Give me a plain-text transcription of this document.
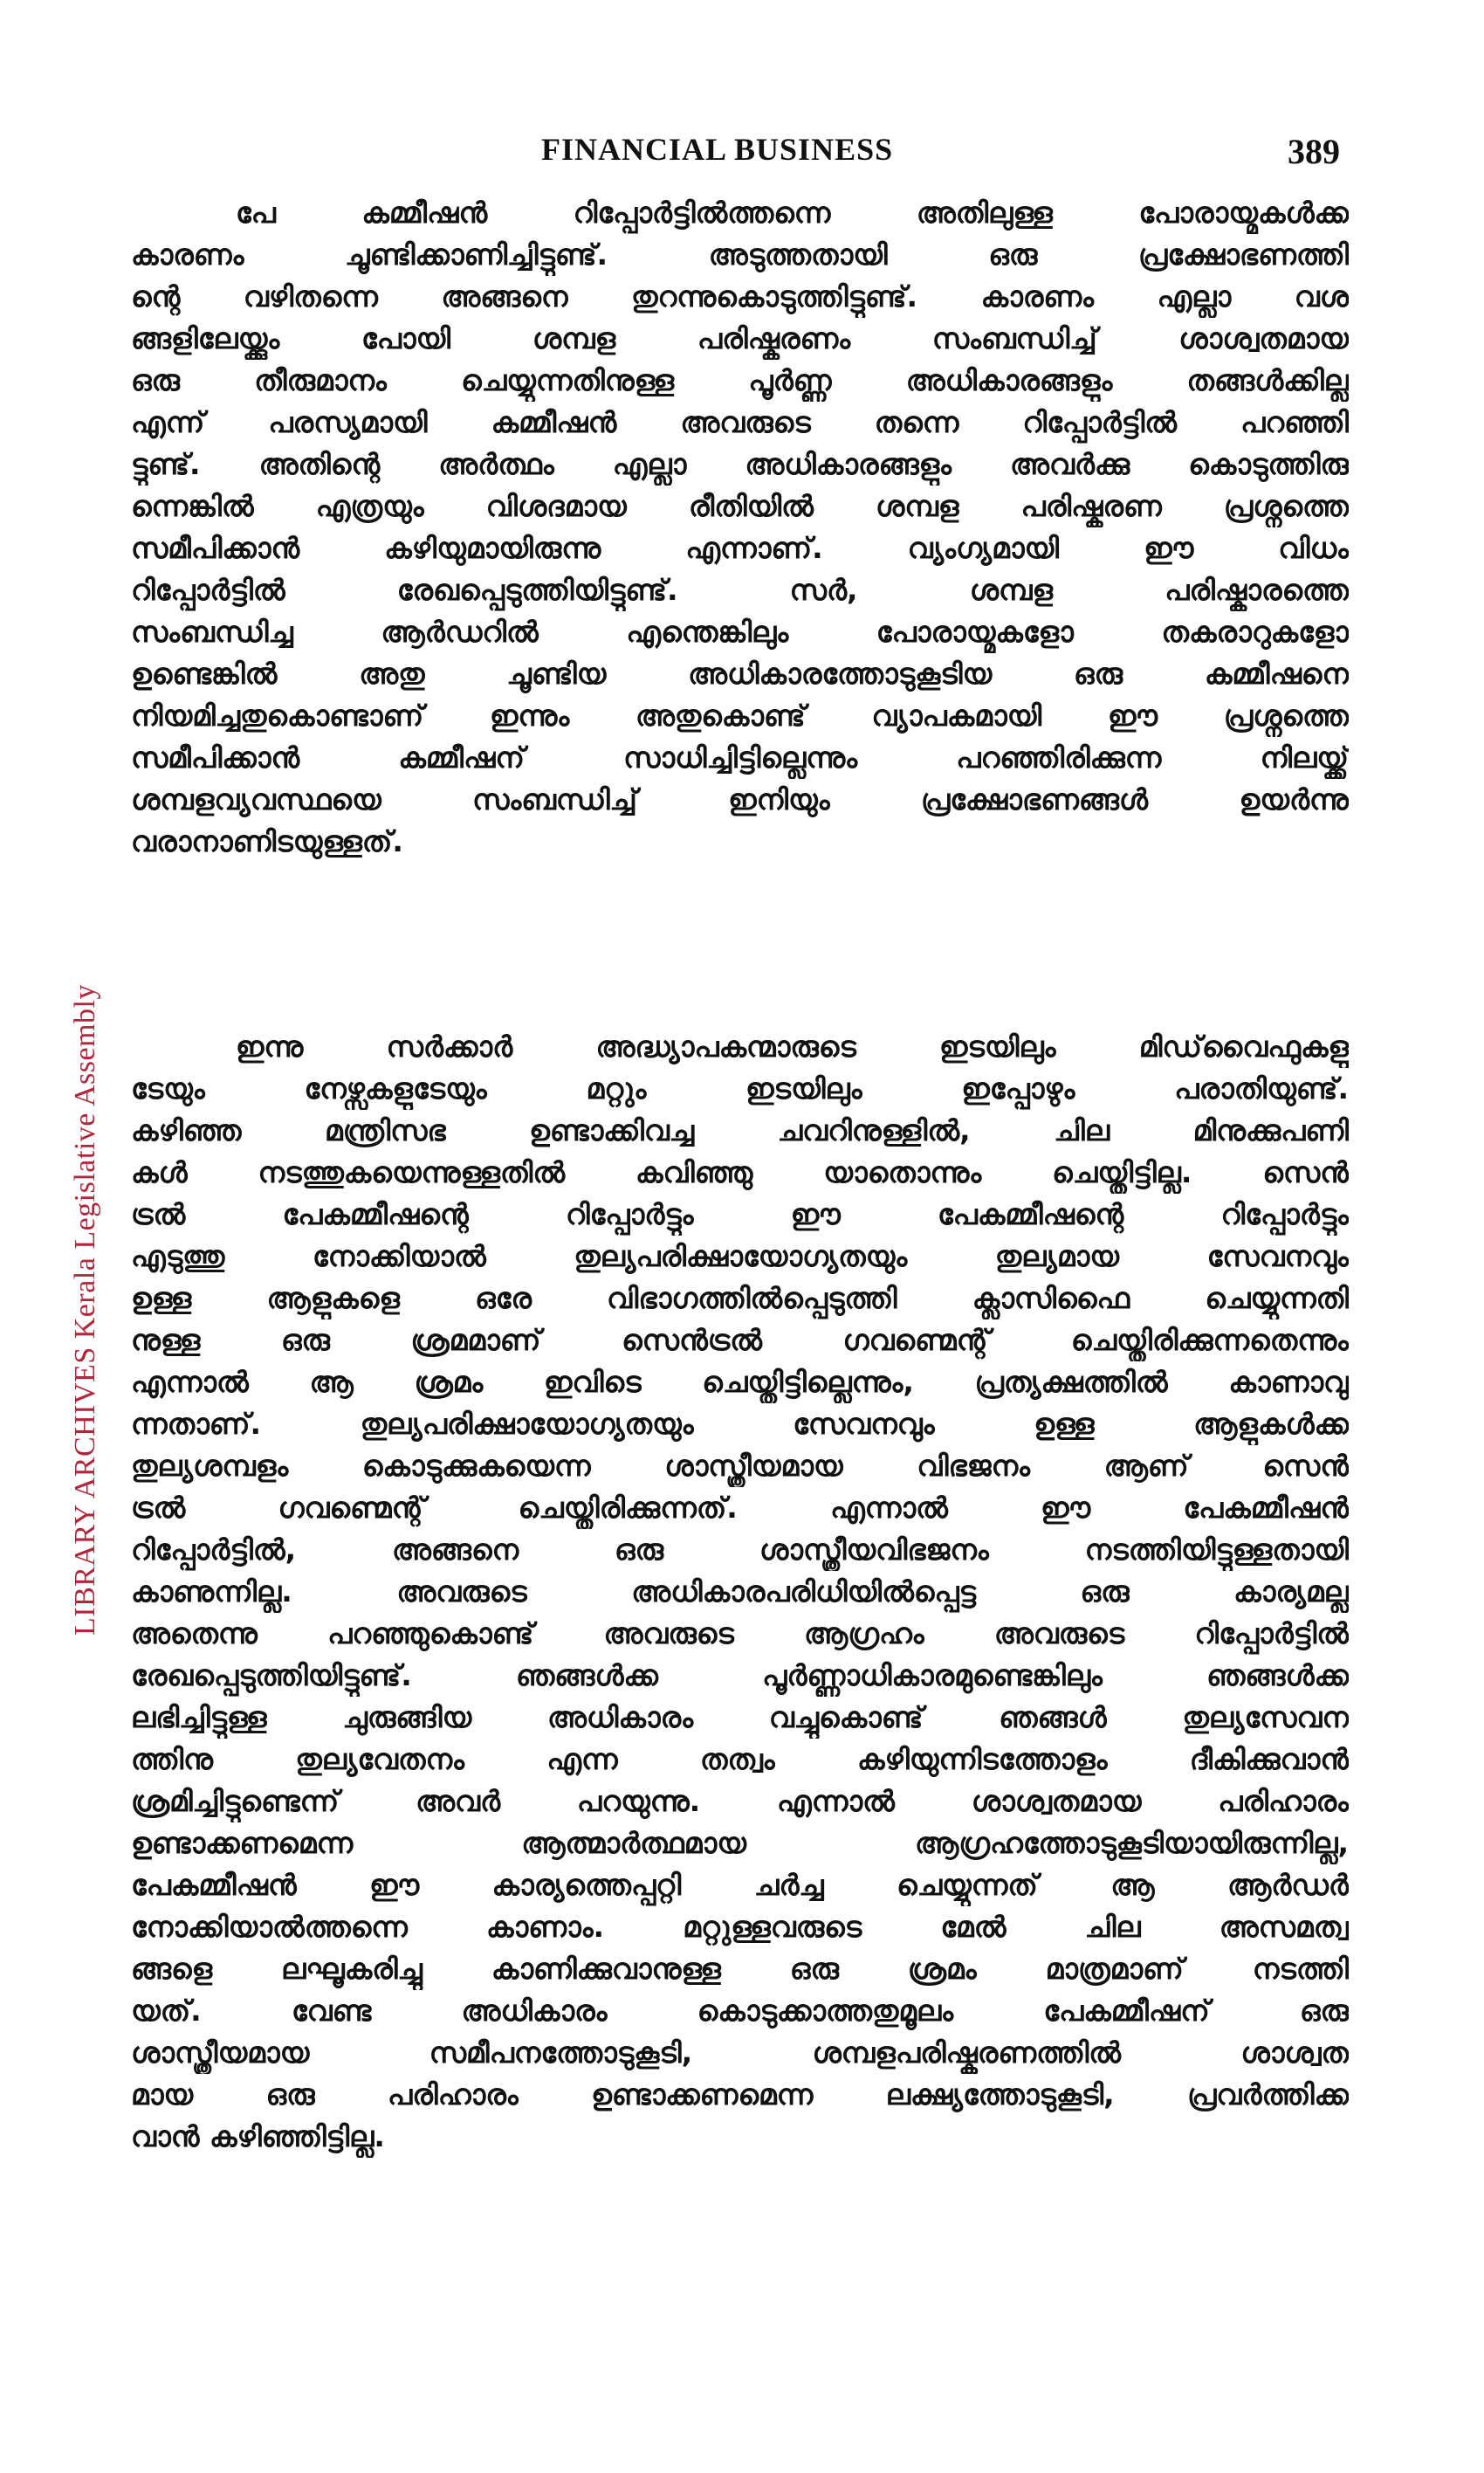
LIBRARY ARCHIVES Kerala Legislative Assembly
FINANCIAL BUSINESS	389
പേ കമ്മീഷൻ റിപ്പോർട്ടിൽത്തന്നെ അതിലുള്ള പോരായ്മകൾക്ക
കാരണം ചൂണ്ടിക്കാണിച്ചിട്ടുണ്ട്. അടുത്തതായി ഒരു പ്രക്ഷോഭണത്തി
ന്റെ വഴിതന്നെ അങ്ങനെ തുറന്നുകൊടുത്തിട്ടുണ്ട്. കാരണം എല്ലാ വശ
ങ്ങളിലേയ്ക്കും പോയി ശമ്പള പരിഷ്കരണം സംബന്ധിച്ച് ശാശ്വതമായ
ഒരു തീരുമാനം ചെയ്യുന്നതിനുള്ള പൂർണ്ണ അധികാരങ്ങളും തങ്ങൾക്കില്ല
എന്ന് പരസ്യമായി കമ്മീഷൻ അവരുടെ തന്നെ റിപ്പോർട്ടിൽ പറഞ്ഞി
ട്ടുണ്ട്. അതിന്റെ അർത്ഥം എല്ലാ അധികാരങ്ങളും അവർക്കു കൊടുത്തിരു
ന്നെങ്കിൽ എത്രയും വിശദമായ രീതിയിൽ ശമ്പള പരിഷ്കരണ പ്രശ്നത്തെ
സമീപിക്കാൻ കഴിയുമായിരുന്നു എന്നാണ്. വ്യംഗ്യമായി ഈ വിധം
റിപ്പോർട്ടിൽ രേഖപ്പെടുത്തിയിട്ടുണ്ട്. സർ, ശമ്പള പരിഷ്കാരത്തെ
സംബന്ധിച്ച ആർഡറിൽ എന്തെങ്കിലും പോരായ്മകളോ തകരാറുകളോ
ഉണ്ടെങ്കിൽ അതു ചൂണ്ടിയ അധികാരത്തോടുകൂടിയ ഒരു കമ്മീഷനെ
നിയമിച്ചതുകൊണ്ടാണ് ഇന്നും അതുകൊണ്ട് വ്യാപകമായി ഈ പ്രശ്നത്തെ
സമീപിക്കാൻ കമ്മീഷന് സാധിച്ചിട്ടില്ലെന്നും പറഞ്ഞിരിക്കുന്ന നിലയ്ക്ക്
ശമ്പളവ്യവസ്ഥയെ സംബന്ധിച്ച് ഇനിയും പ്രക്ഷോഭണങ്ങൾ ഉയർന്നു
വരാനാണിടയുള്ളത്.
ഇന്നു സർക്കാർ അദ്ധ്യാപകന്മാരുടെ ഇടയിലും മിഡ്‌വൈഫുകളു
ടേയും നേഴ്സുകളുടേയും മറ്റും ഇടയിലും ഇപ്പോഴും പരാതിയുണ്ട്.
കഴിഞ്ഞ മന്ത്രിസഭ ഉണ്ടാക്കിവച്ച ചവറിനുള്ളിൽ, ചില മിനുക്കുപണി
കൾ നടത്തുകയെന്നുള്ളതിൽ കവിഞ്ഞു യാതൊന്നും ചെയ്തിട്ടില്ല. സെൻ
ട്രൽ പേകമ്മീഷന്റെ റിപ്പോർട്ടും ഈ പേകമ്മീഷന്റെ റിപ്പോർട്ടും
എടുത്തു നോക്കിയാൽ തുല്യപരിക്ഷായോഗ്യതയും തുല്യമായ സേവനവും
ഉള്ള ആളുകളെ ഒരേ വിഭാഗത്തിൽപ്പെടുത്തി ക്ലാസിഫൈ ചെയ്യുന്നതി
നുള്ള ഒരു ശ്രമമാണ് സെൻട്രൽ ഗവണ്മെന്റ് ചെയ്തിരിക്കുന്നതെന്നും
എന്നാൽ ആ ശ്രമം ഇവിടെ ചെയ്തിട്ടില്ലെന്നും, പ്രത്യക്ഷത്തിൽ കാണാവു
ന്നതാണ്. തുല്യപരിക്ഷായോഗ്യതയും സേവനവും ഉള്ള ആളുകൾക്ക
തുല്യശമ്പളം കൊടുക്കുകയെന്ന ശാസ്ത്രീയമായ വിഭജനം ആണ് സെൻ
ട്രൽ ഗവണ്മെന്റ് ചെയ്തിരിക്കുന്നത്. എന്നാൽ ഈ പേകമ്മീഷൻ
റിപ്പോർട്ടിൽ, അങ്ങനെ ഒരു ശാസ്ത്രീയവിഭജനം നടത്തിയിട്ടുള്ളതായി
കാണുന്നില്ല. അവരുടെ അധികാരപരിധിയിൽപ്പെട്ട ഒരു കാര്യമല്ല
അതെന്നു പറഞ്ഞുകൊണ്ട് അവരുടെ ആഗ്രഹം അവരുടെ റിപ്പോർട്ടിൽ
രേഖപ്പെടുത്തിയിട്ടുണ്ട്. ഞങ്ങൾക്ക പൂർണ്ണാധികാരമുണ്ടെങ്കിലും ഞങ്ങൾക്ക
ലഭിച്ചിട്ടുള്ള ചുരുങ്ങിയ അധികാരം വച്ചുകൊണ്ട് ഞങ്ങൾ തുല്യസേവന
ത്തിനു തുല്യവേതനം എന്ന തത്വം കഴിയുന്നിടത്തോളം ദീകിക്കുവാൻ
ശ്രമിച്ചിട്ടുണ്ടെന്ന് അവർ പറയുന്നു. എന്നാൽ ശാശ്വതമായ പരിഹാരം
ഉണ്ടാക്കണമെന്ന ആത്മാർത്ഥമായ ആഗ്രഹത്തോടുകൂടിയായിരുന്നില്ല,
പേകമ്മീഷൻ ഈ കാര്യത്തെപ്പറ്റി ചർച്ച ചെയ്യുന്നത് ആ ആർഡർ
നോക്കിയാൽത്തന്നെ കാണാം. മറ്റുള്ളവരുടെ മേൽ ചില അസമത്വ
ങ്ങളെ ലഘൂകരിച്ചു കാണിക്കുവാനുള്ള ഒരു ശ്രമം മാത്രമാണ് നടത്തി
യത്. വേണ്ട അധികാരം കൊടുക്കാത്തതുമൂലം പേകമ്മീഷന് ഒരു
ശാസ്ത്രീയമായ സമീപനത്തോടുകൂടി, ശമ്പളപരിഷ്കരണത്തിൽ ശാശ്വത
മായ ഒരു പരിഹാരം ഉണ്ടാക്കണമെന്ന ലക്ഷ്യത്തോടുകൂടി, പ്രവർത്തിക്ക
വാൻ കഴിഞ്ഞിട്ടില്ല.
